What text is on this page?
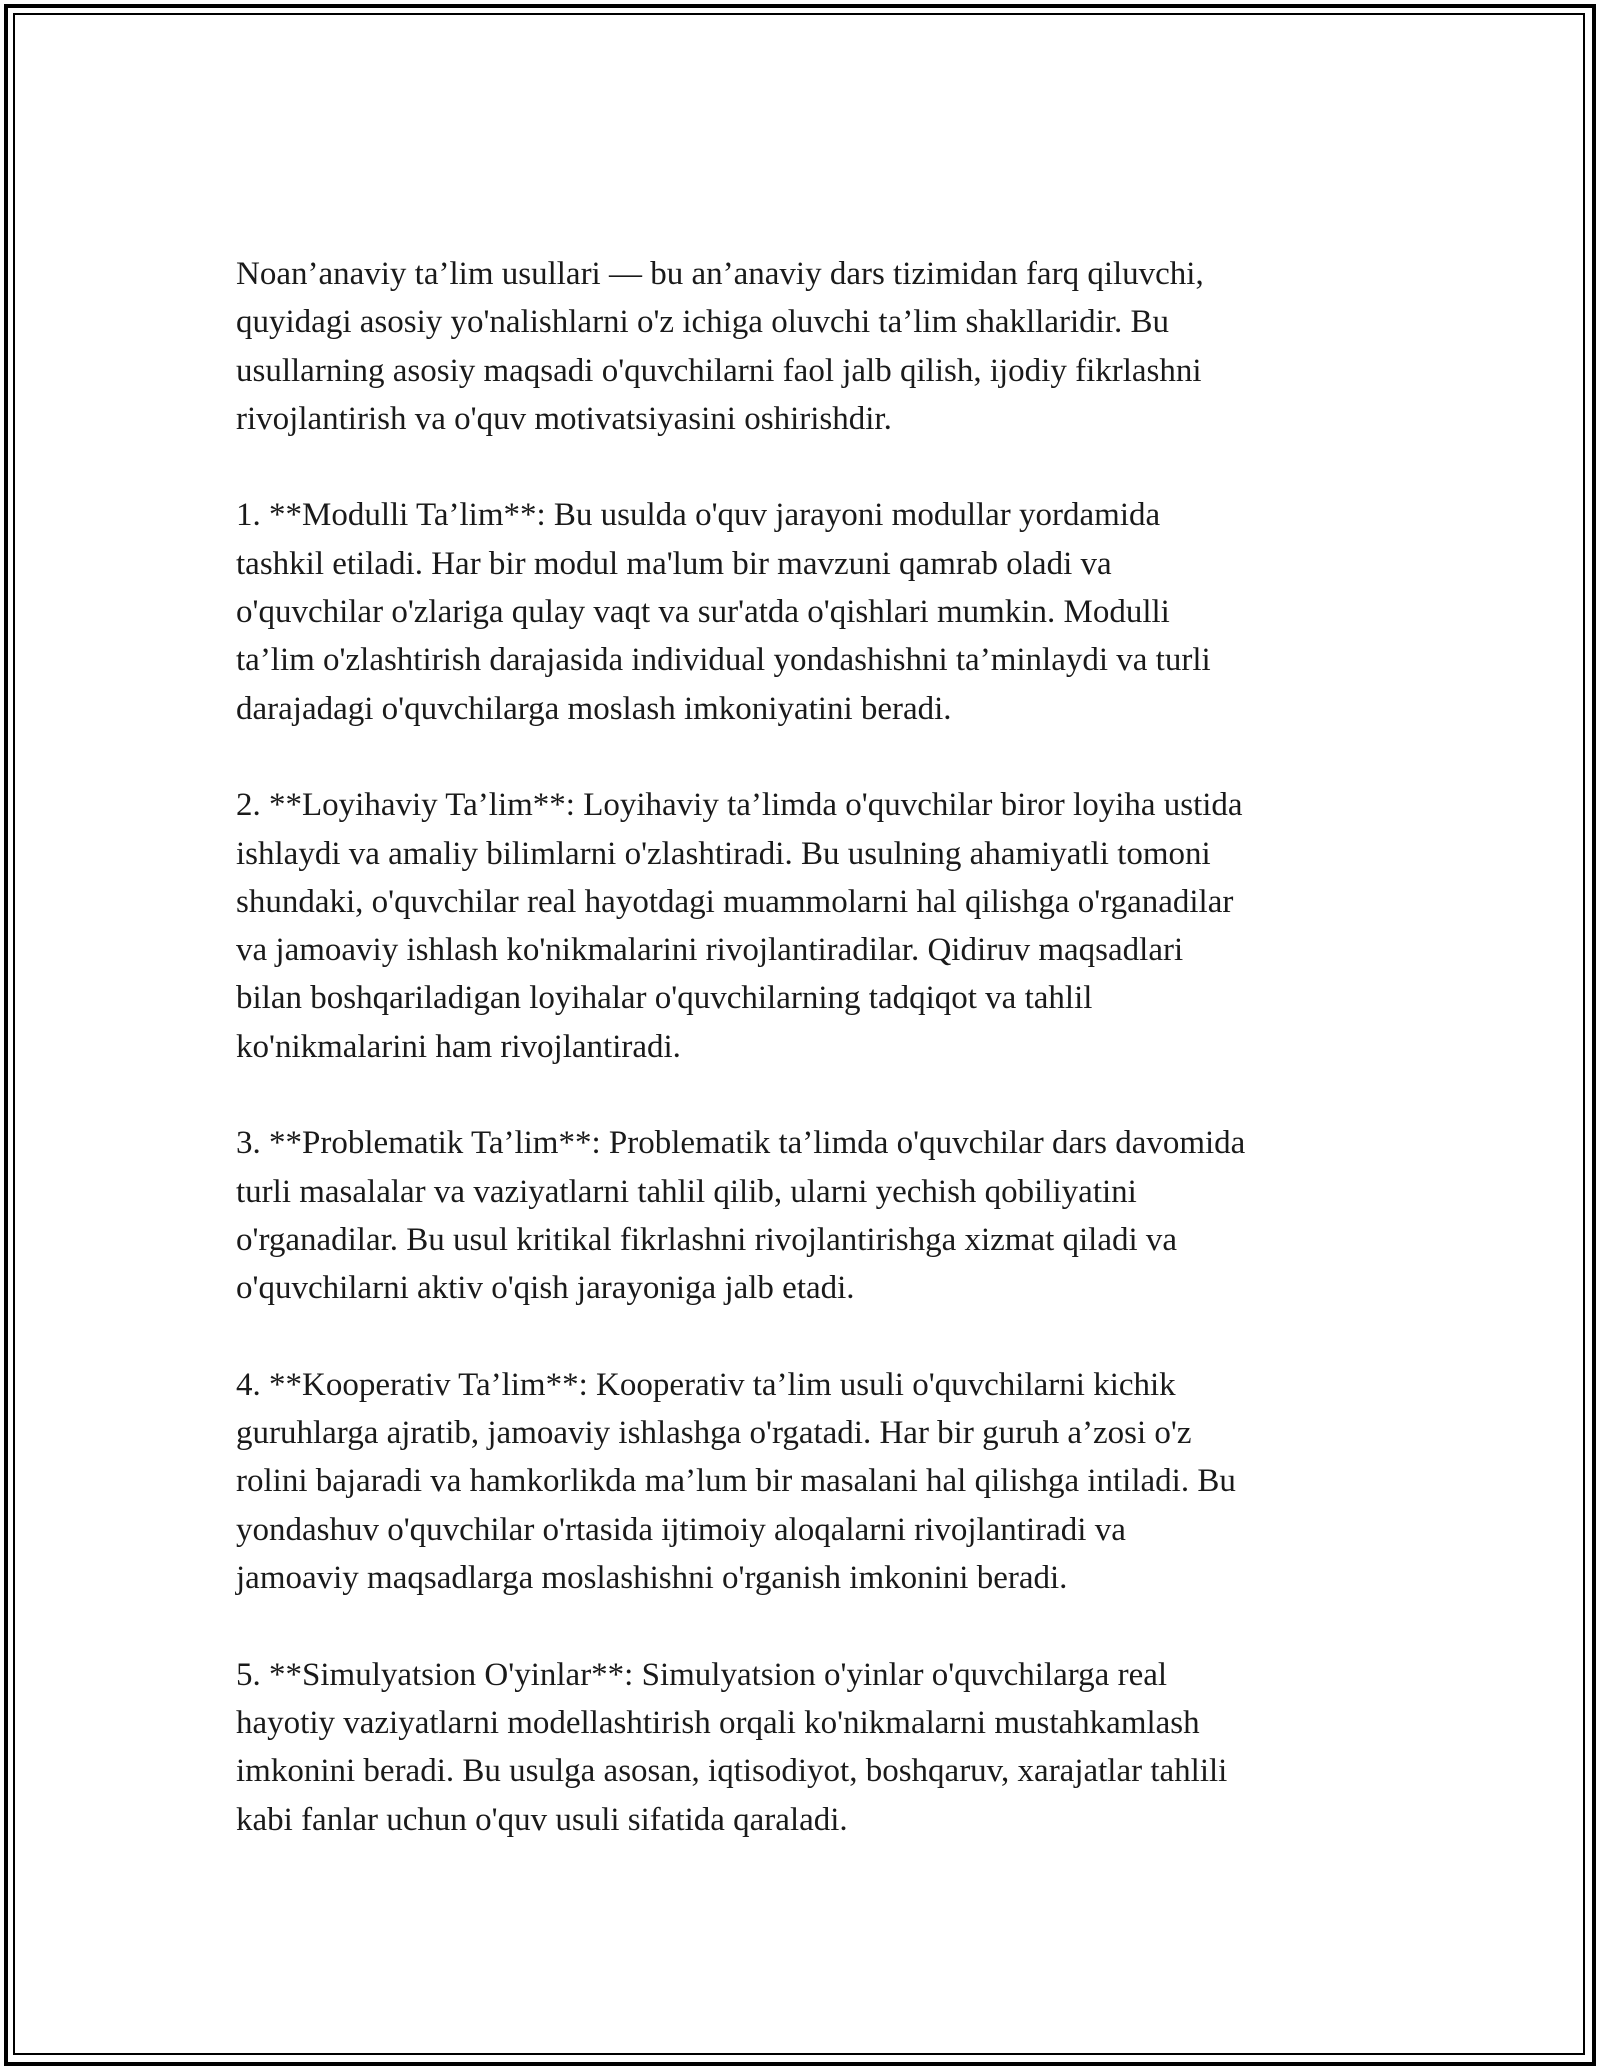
Noan’anaviy ta’lim usullari — bu an’anaviy dars tizimidan farq qiluvchi,
quyidagi asosiy yo'nalishlarni o'z ichiga oluvchi ta’lim shakllaridir. Bu
usullarning asosiy maqsadi o'quvchilarni faol jalb qilish, ijodiy fikrlashni
rivojlantirish va o'quv motivatsiyasini oshirishdir.
1. **Modulli Ta’lim**: Bu usulda o'quv jarayoni modullar yordamida
tashkil etiladi. Har bir modul ma'lum bir mavzuni qamrab oladi va
o'quvchilar o'zlariga qulay vaqt va sur'atda o'qishlari mumkin. Modulli
ta’lim o'zlashtirish darajasida individual yondashishni ta’minlaydi va turli
darajadagi o'quvchilarga moslash imkoniyatini beradi.
2. **Loyihaviy Ta’lim**: Loyihaviy ta’limda o'quvchilar biror loyiha ustida
ishlaydi va amaliy bilimlarni o'zlashtiradi. Bu usulning ahamiyatli tomoni
shundaki, o'quvchilar real hayotdagi muammolarni hal qilishga o'rganadilar
va jamoaviy ishlash ko'nikmalarini rivojlantiradilar. Qidiruv maqsadlari
bilan boshqariladigan loyihalar o'quvchilarning tadqiqot va tahlil
ko'nikmalarini ham rivojlantiradi.
3. **Problematik Ta’lim**: Problematik ta’limda o'quvchilar dars davomida
turli masalalar va vaziyatlarni tahlil qilib, ularni yechish qobiliyatini
o'rganadilar. Bu usul kritikal fikrlashni rivojlantirishga xizmat qiladi va
o'quvchilarni aktiv o'qish jarayoniga jalb etadi.
4. **Kooperativ Ta’lim**: Kooperativ ta’lim usuli o'quvchilarni kichik
guruhlarga ajratib, jamoaviy ishlashga o'rgatadi. Har bir guruh a’zosi o'z
rolini bajaradi va hamkorlikda ma’lum bir masalani hal qilishga intiladi. Bu
yondashuv o'quvchilar o'rtasida ijtimoiy aloqalarni rivojlantiradi va
jamoaviy maqsadlarga moslashishni o'rganish imkonini beradi.
5. **Simulyatsion O'yinlar**: Simulyatsion o'yinlar o'quvchilarga real
hayotiy vaziyatlarni modellashtirish orqali ko'nikmalarni mustahkamlash
imkonini beradi. Bu usulga asosan, iqtisodiyot, boshqaruv, xarajatlar tahlili
kabi fanlar uchun o'quv usuli sifatida qaraladi.
